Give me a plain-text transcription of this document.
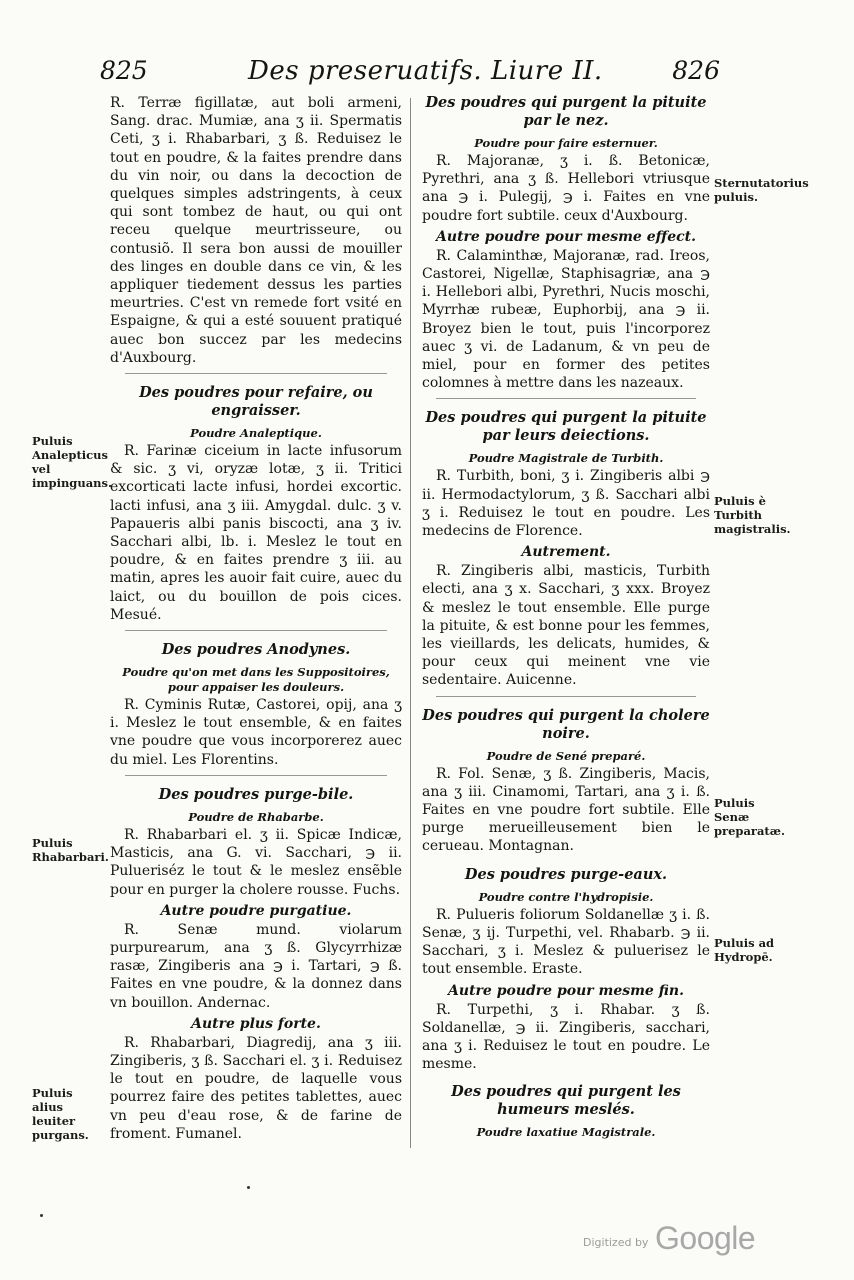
825	Des preseruatifs. Liure II.	826

R. Terræ figillatæ, aut boli armeni, Sang. drac. Mumiæ, ana ʒ ii. Spermatis Ceti, ʒ i. Rhabarbari, ʒ ß. Reduisez le tout en poudre, & la faites prendre dans du vin noir, ou dans la decoction de quelques simples adstringents, à ceux qui sont tombez de haut, ou qui ont receu quelque meurtrisseure, ou contusiõ. Il sera bon aussi de mouiller des linges en double dans ce vin, & les appliquer tiedement dessus les parties meurtries. C'est vn remede fort vsité en Espaigne, & qui a esté souuent pratiqué auec bon succez par les medecins d'Auxbourg.

Des poudres pour refaire, ou engraisser.
Poudre Analeptique.

R. Farinæ ciceium in lacte infusorum & sic. ʒ vi, oryzæ lotæ, ʒ ii. Tritici excorticati lacte infusi, hordei excortic. lacti infusi, ana ʒ iii. Amygdal. dulc. ʒ v. Papaueris albi panis biscocti, ana ʒ iv. Sacchari albi, lb. i. Meslez le tout en poudre, & en faites prendre ʒ iii. au matin, apres les auoir fait cuire, auec du laict, ou du bouillon de pois cices. Mesué.

Des poudres Anodynes.
Poudre qu'on met dans les Suppositoires, pour appaiser les douleurs.

R. Cyminis Rutæ, Castorei, opij, ana ʒ i. Meslez le tout ensemble, & en faites vne poudre que vous incorporerez auec du miel. Les Florentins.

Des poudres purge-bile.
Poudre de Rhabarbe.

R. Rhabarbari el. ʒ ii. Spicæ Indicæ, Masticis, ana G. vi. Sacchari, ℈ ii. Pulueriséz le tout & le meslez ensẽble pour en purger la cholere rousse. Fuchs.

Autre poudre purgatiue.

R. Senæ mund. violarum purpurearum, ana ʒ ß. Glycyrrhizæ rasæ, Zingiberis ana ℈ i. Tartari, ℈ ß. Faites en vne poudre, & la donnez dans vn bouillon. Andernac.

Autre plus forte.

R. Rhabarbari, Diagredij, ana ʒ iii. Zingiberis, ʒ ß. Sacchari el. ʒ i. Reduisez le tout en poudre, de laquelle vous pourrez faire des petites tablettes, auec vn peu d'eau rose, & de farine de froment. Fumanel.

Des poudres qui purgent la pituite par le nez.
Poudre pour faire esternuer.

R. Majoranæ, ʒ i. ß. Betonicæ, Pyrethri, ana ʒ ß. Hellebori vtriusque ana ℈ i. Pulegij, ℈ i. Faites en vne poudre fort subtile. ceux d'Auxbourg.

Autre poudre pour mesme effect.

R. Calaminthæ, Majoranæ, rad. Ireos, Castorei, Nigellæ, Staphisagriæ, ana ℈ i. Hellebori albi, Pyrethri, Nucis moschi, Myrrhæ rubeæ, Euphorbij, ana ℈ ii. Broyez bien le tout, puis l'incorporez auec ʒ vi. de Ladanum, & vn peu de miel, pour en former des petites colomnes à mettre dans les nazeaux.

Des poudres qui purgent la pituite par leurs deiections.
Poudre Magistrale de Turbith.

R. Turbith, boni, ʒ i. Zingiberis albi ℈ ii. Hermodactylorum, ʒ ß. Sacchari albi ʒ i. Reduisez le tout en poudre. Les medecins de Florence.

Autrement.

R. Zingiberis albi, masticis, Turbith electi, ana ʒ x. Sacchari, ʒ xxx. Broyez & meslez le tout ensemble. Elle purge la pituite, & est bonne pour les femmes, les vieillards, les delicats, humides, & pour ceux qui meinent vne vie sedentaire. Auicenne.

Des poudres qui purgent la cholere noire.
Poudre de Sené preparé.

R. Fol. Senæ, ʒ ß. Zingiberis, Macis, ana ʒ iii. Cinamomi, Tartari, ana ʒ i. ß. Faites en vne poudre fort subtile. Elle purge merueilleusement bien le cerueau. Montagnan.

Des poudres purge-eaux.
Poudre contre l'hydropisie.

R. Pulueris foliorum Soldanellæ ʒ i. ß. Senæ, ʒ ij. Turpethi, vel. Rhabarb. ℈ ii. Sacchari, ʒ i. Meslez & puluerisez le tout ensemble. Eraste.

Autre poudre pour mesme fin.

R. Turpethi, ʒ i. Rhabar. ʒ ß. Soldanellæ, ℈ ii. Zingiberis, sacchari, ana ʒ i. Reduisez le tout en poudre. Le mesme.

Des poudres qui purgent les humeurs meslés.
Poudre laxatiue Magistrale.
Puluis Analepticus vel impinguans.
Puluis Rhabarbari.
Puluis alius leuiter purgans.
Sternutatorius puluis.
Puluis è Turbith magistralis.
Puluis Senæ preparatæ.
Puluis ad Hydropē.
Digitized by Google
